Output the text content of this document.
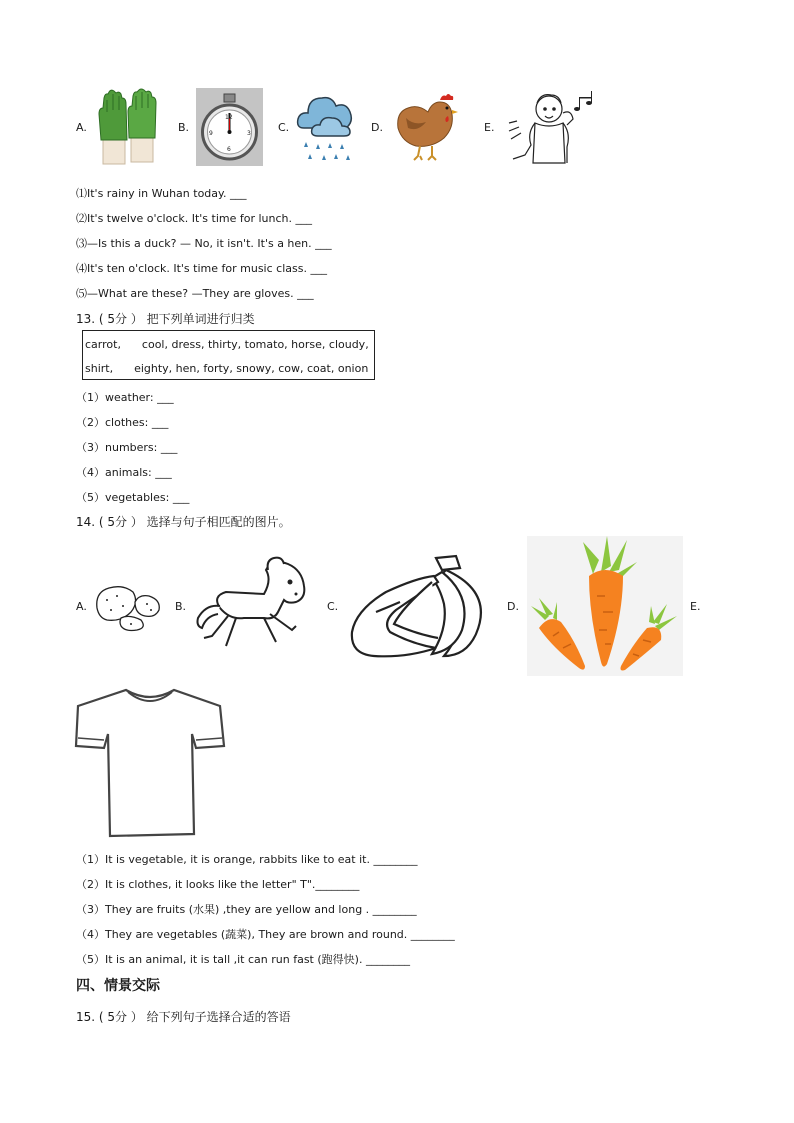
A.	B.
12
3
6
9	C.	D.	E.
⑴It's rainy in Wuhan today. ___
⑵It's twelve o'clock. It's time for lunch. ___
⑶—Is this a duck? — No, it isn't. It's a hen. ___
⑷It's ten o'clock. It's time for music class. ___
⑸—What are these? —They are gloves. ___
13. ( 5分 ） 把下列单词进行归类
carrot,      cool, dress, thirty, tomato, horse, cloudy,
shirt,      eighty, hen, forty, snowy, cow, coat, onion
（1）weather: ___
（2）clothes: ___
（3）numbers: ___
（4）animals: ___
（5）vegetables: ___
14. ( 5分 ） 选择与句子相匹配的图片。
A.	B.	C.	D.	E.
（1）It is vegetable, it is orange, rabbits like to eat it. ________
（2）It is clothes, it looks like the letter" T".________
（3）They are fruits (水果) ,they are yellow and long . ________
（4）They are vegetables (蔬菜), They are brown and round. ________
（5）It is an animal, it is tall ,it can run fast (跑得快). ________
四、情景交际
15. ( 5分 ） 给下列句子选择合适的答语
